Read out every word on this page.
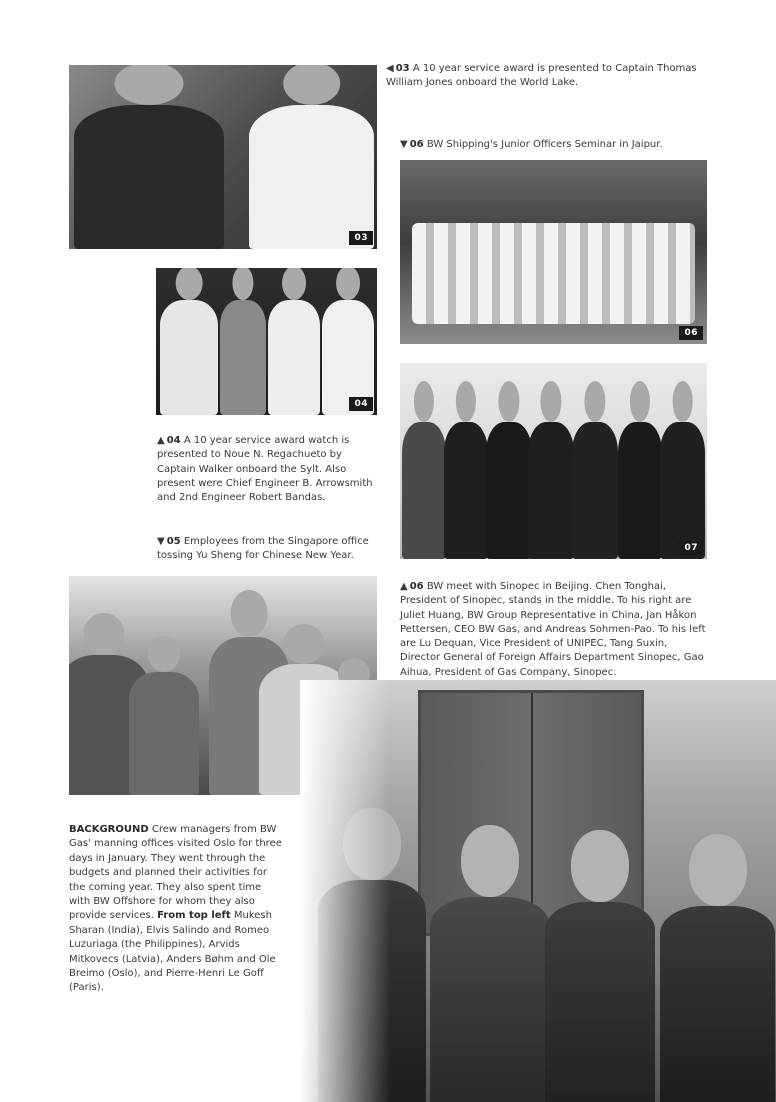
03
◀ 03 A 10 year service award is presented to Captain Thomas William Jones onboard the World Lake.
▼ 06 BW Shipping's Junior Officers Seminar in Jaipur.
06
04
07
▲ 04 A 10 year service award watch is presented to Noue N. Regachueto by Captain Walker onboard the Sylt. Also present were Chief Engineer B. Arrowsmith and 2nd Engineer Robert Bandas.
▼ 05 Employees from the Singapore office tossing Yu Sheng for Chinese New Year.
▲ 06 BW meet with Sinopec in Beijing. Chen Tonghai, President of Sinopec, stands in the middle. To his right are Juliet Huang, BW Group Representative in China, Jan Håkon Pettersen, CEO BW Gas, and Andreas Sohmen-Pao. To his left are Lu Dequan, Vice President of UNIPEC, Tang Suxin, Director General of Foreign Affairs Department Sinopec, Gao Aihua, President of Gas Company, Sinopec.
BACKGROUND Crew managers from BW Gas' manning offices visited Oslo for three days in January. They went through the budgets and planned their activities for the coming year. They also spent time with BW Offshore for whom they also provide services. From top left Mukesh Sharan (India), Elvis Salindo and Romeo Luzuriaga (the Philippines), Arvids Mitkovecs (Latvia), Anders Bøhm and Ole Breimo (Oslo), and Pierre-Henri Le Goff (Paris).
